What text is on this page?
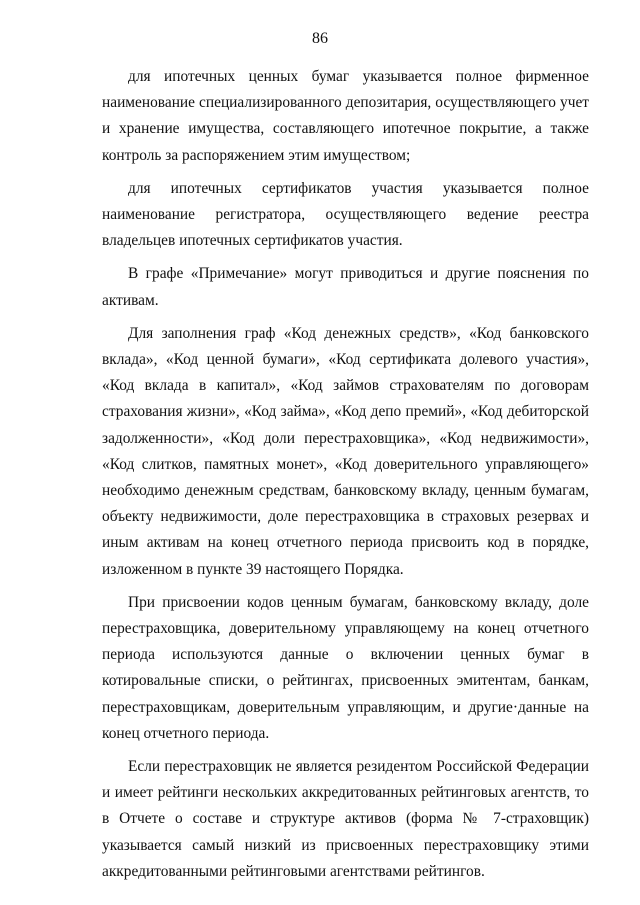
86

для ипотечных ценных бумаг указывается полное фирменное наименование специализированного депозитария, осуществляющего учет и хранение имущества, составляющего ипотечное покрытие, а также контроль за распоряжением этим имуществом;

для ипотечных сертификатов участия указывается полное наименование регистратора, осуществляющего ведение реестра владельцев ипотечных сертификатов участия.

В графе «Примечание» могут приводиться и другие пояснения по активам.

Для заполнения граф «Код денежных средств», «Код банковского вклада», «Код ценной бумаги», «Код сертификата долевого участия», «Код вклада в капитал», «Код займов страхователям по договорам страхования жизни», «Код займа», «Код депо премий», «Код дебиторской задолженности», «Код доли перестраховщика», «Код недвижимости», «Код слитков, памятных монет», «Код доверительного управляющего» необходимо денежным средствам, банковскому вкладу, ценным бумагам, объекту недвижимости, доле перестраховщика в страховых резервах и иным активам на конец отчетного периода присвоить код в порядке, изложенном в пункте 39 настоящего Порядка.

При присвоении кодов ценным бумагам, банковскому вкладу, доле перестраховщика, доверительному управляющему на конец отчетного периода используются данные о включении ценных бумаг в котировальные списки, о рейтингах, присвоенных эмитентам, банкам, перестраховщикам, доверительным управляющим, и другие·данные на конец отчетного периода.

Если перестраховщик не является резидентом Российской Федерации и имеет рейтинги нескольких аккредитованных рейтинговых агентств, то в Отчете о составе и структуре активов (форма № 7-страховщик) указывается самый низкий из присвоенных перестраховщику этими аккредитованными рейтинговыми агентствами рейтингов.
